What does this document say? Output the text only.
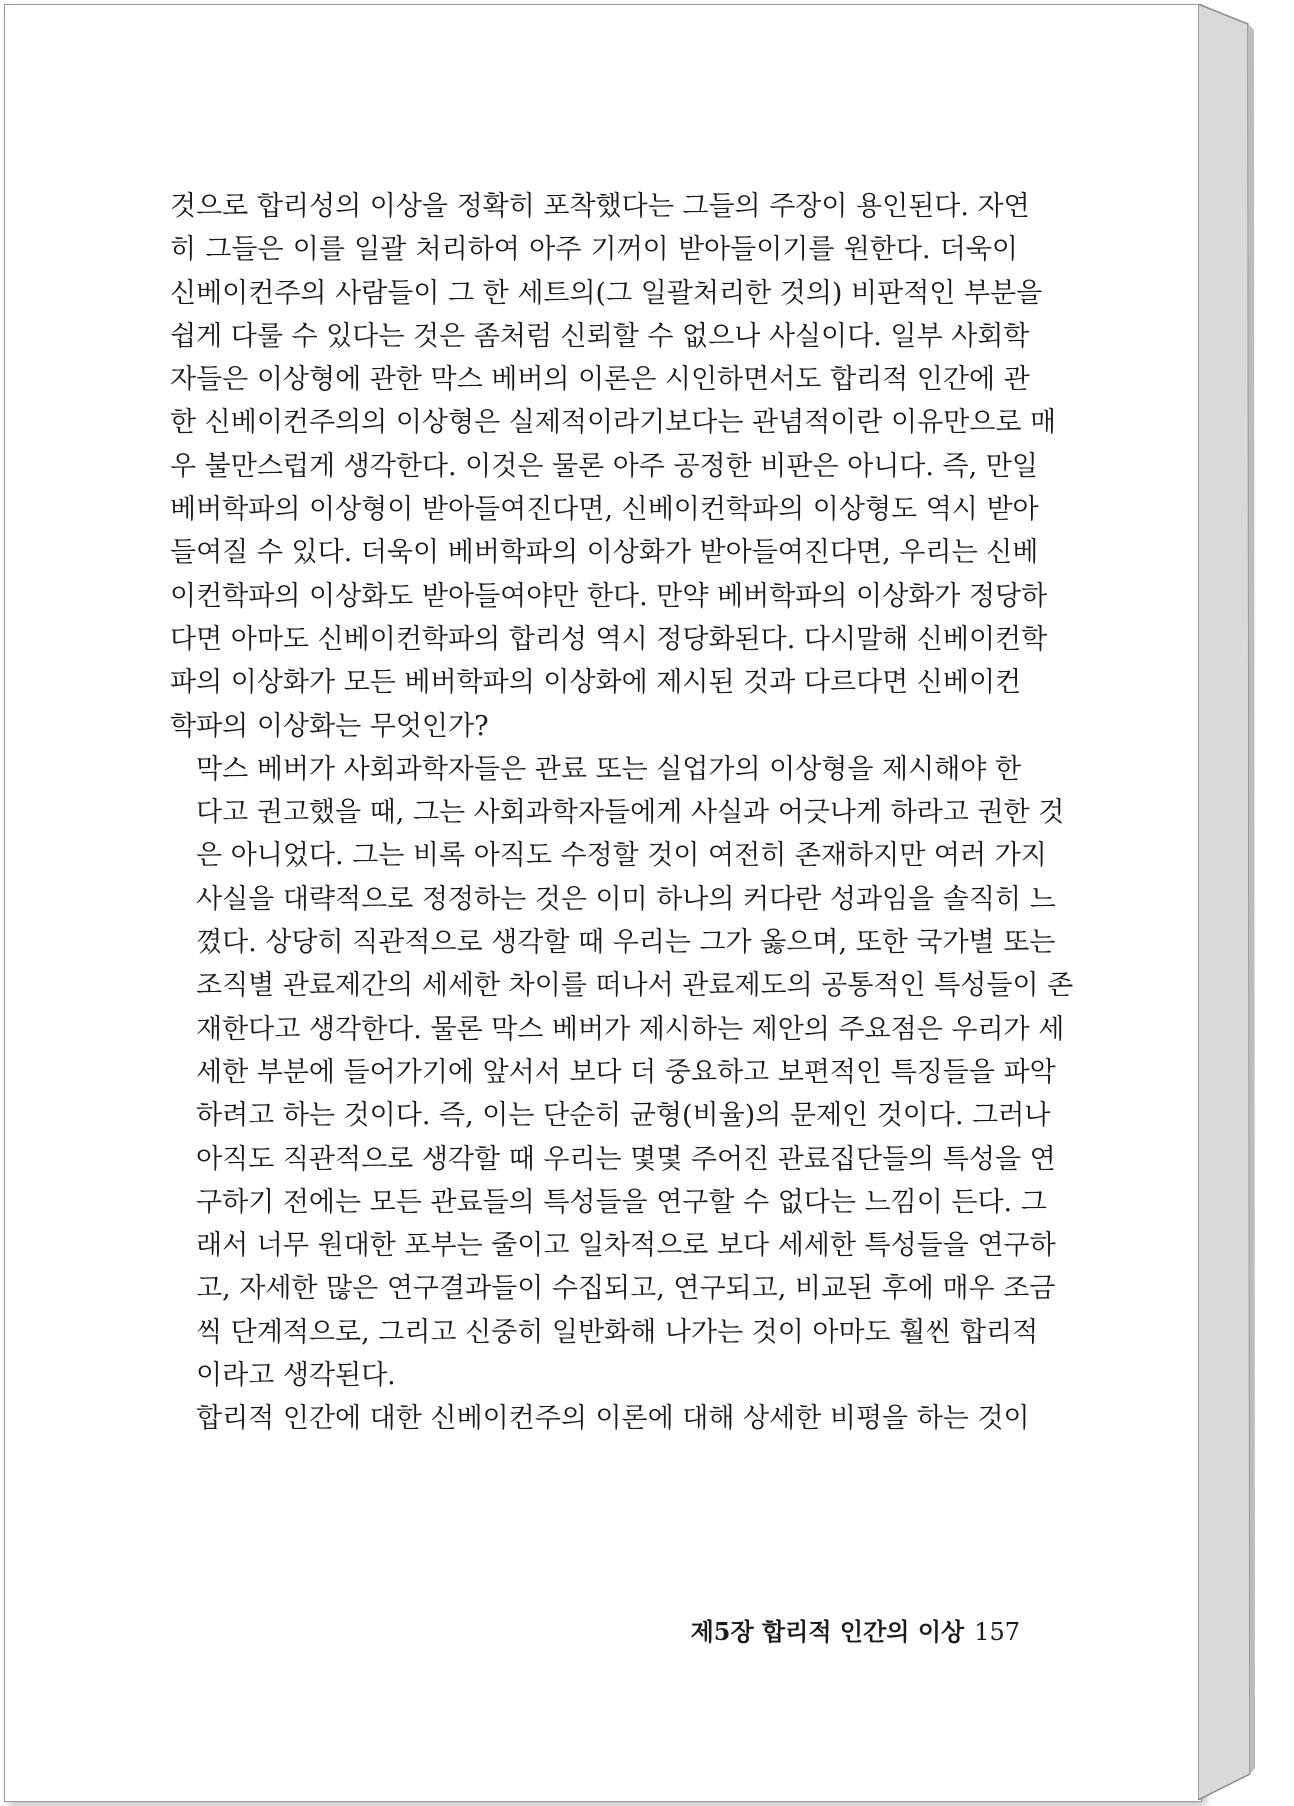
것으로 합리성의 이상을 정확히 포착했다는 그들의 주장이 용인된다. 자연
히 그들은 이를 일괄 처리하여 아주 기꺼이 받아들이기를 원한다. 더욱이
신베이컨주의 사람들이 그 한 세트의(그 일괄처리한 것의) 비판적인 부분을
쉽게 다룰 수 있다는 것은 좀처럼 신뢰할 수 없으나 사실이다. 일부 사회학
자들은 이상형에 관한 막스 베버의 이론은 시인하면서도 합리적 인간에 관
한 신베이컨주의의 이상형은 실제적이라기보다는 관념적이란 이유만으로 매
우 불만스럽게 생각한다. 이것은 물론 아주 공정한 비판은 아니다. 즉, 만일
베버학파의 이상형이 받아들여진다면, 신베이컨학파의 이상형도 역시 받아
들여질 수 있다. 더욱이 베버학파의 이상화가 받아들여진다면, 우리는 신베
이컨학파의 이상화도 받아들여야만 한다. 만약 베버학파의 이상화가 정당하
다면 아마도 신베이컨학파의 합리성 역시 정당화된다. 다시말해 신베이컨학
파의 이상화가 모든 베버학파의 이상화에 제시된 것과 다르다면 신베이컨
학파의 이상화는 무엇인가?

막스 베버가 사회과학자들은 관료 또는 실업가의 이상형을 제시해야 한
다고 권고했을 때, 그는 사회과학자들에게 사실과 어긋나게 하라고 권한 것
은 아니었다. 그는 비록 아직도 수정할 것이 여전히 존재하지만 여러 가지
사실을 대략적으로 정정하는 것은 이미 하나의 커다란 성과임을 솔직히 느
꼈다. 상당히 직관적으로 생각할 때 우리는 그가 옳으며, 또한 국가별 또는
조직별 관료제간의 세세한 차이를 떠나서 관료제도의 공통적인 특성들이 존
재한다고 생각한다. 물론 막스 베버가 제시하는 제안의 주요점은 우리가 세
세한 부분에 들어가기에 앞서서 보다 더 중요하고 보편적인 특징들을 파악
하려고 하는 것이다. 즉, 이는 단순히 균형(비율)의 문제인 것이다. 그러나
아직도 직관적으로 생각할 때 우리는 몇몇 주어진 관료집단들의 특성을 연
구하기 전에는 모든 관료들의 특성들을 연구할 수 없다는 느낌이 든다. 그
래서 너무 원대한 포부는 줄이고 일차적으로 보다 세세한 특성들을 연구하
고, 자세한 많은 연구결과들이 수집되고, 연구되고, 비교된 후에 매우 조금
씩 단계적으로, 그리고 신중히 일반화해 나가는 것이 아마도 훨씬 합리적
이라고 생각된다.

합리적 인간에 대한 신베이컨주의 이론에 대해 상세한 비평을 하는 것이

제5장 합리적 인간의 이상 157
